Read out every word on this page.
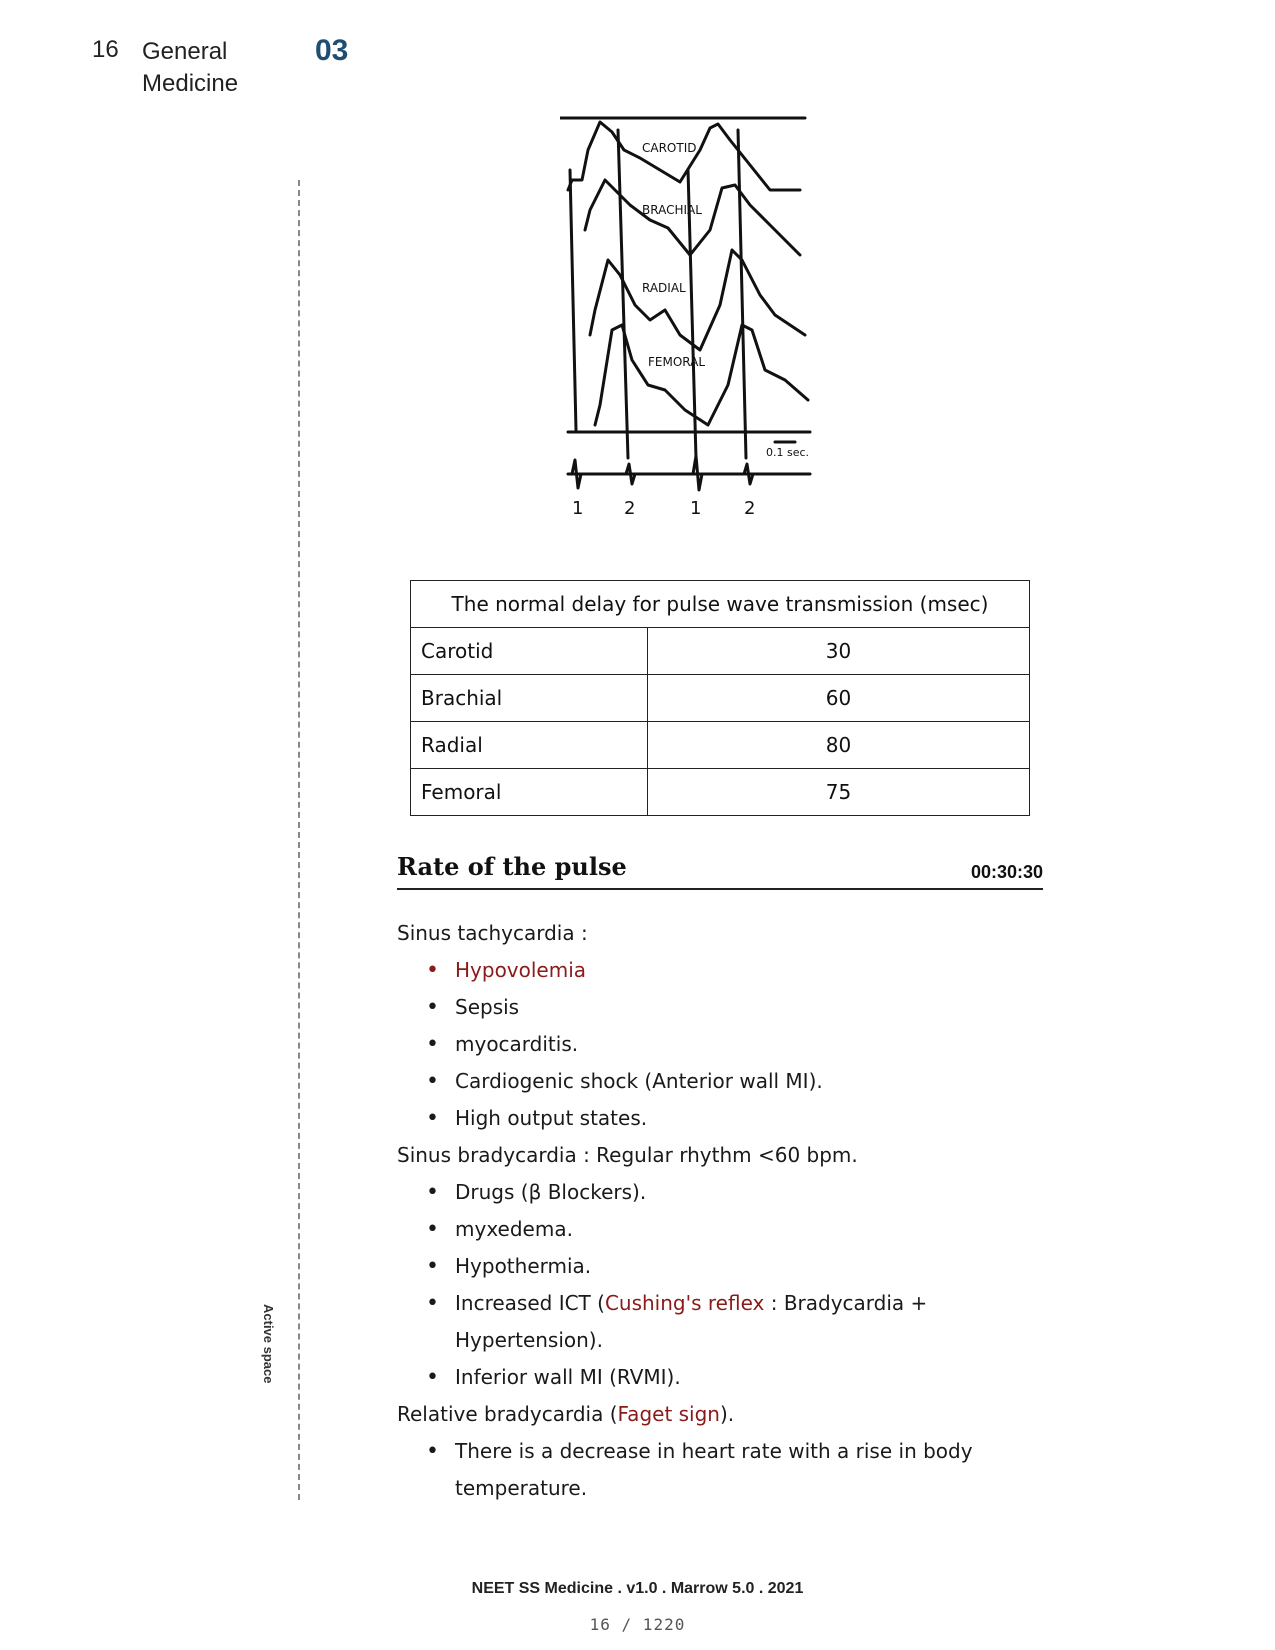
16 General
Medicine
03
Active space
CAROTID
BRACHIAL
RADIAL
FEMORAL
0.1 sec.
1 2	1 2
The normal delay for pulse wave transmission (msec)	
Carotid	30
Brachial	60
Radial	80
Femoral	75
Rate of the pulse	00:30:30
Sinus tachycardia :
• Hypovolemia
• Sepsis
• myocarditis.
• Cardiogenic shock (Anterior wall MI).
• High output states.
Sinus bradycardia : Regular rhythm <60 bpm.
• Drugs (β Blockers).
• myxedema.
• Hypothermia.
• Increased ICT (Cushing's reflex : Bradycardia + Hypertension).
• Inferior wall MI (RVMI).
Relative bradycardia (Faget sign).
• There is a decrease in heart rate with a rise in body temperature.
NEET SS Medicine . v1.0 . Marrow 5.0 . 2021
16 / 1220
